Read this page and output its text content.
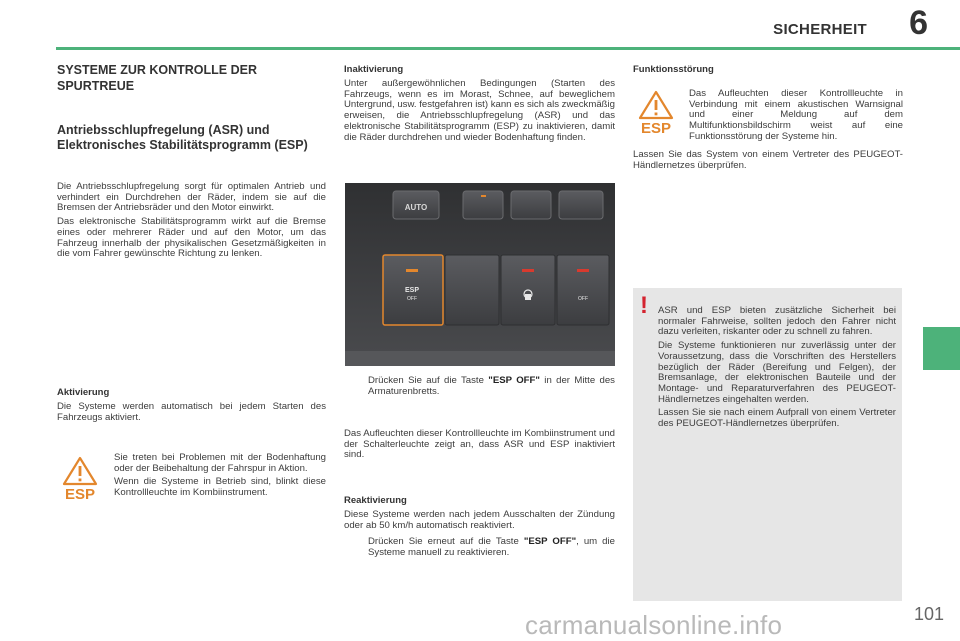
SICHERHEIT 6
SYSTEME ZUR KONTROLLE DER SPURTREUE
Antriebsschlupfregelung (ASR) und Elektronisches Stabilitätsprogramm (ESP)

Die Antriebsschlupfregelung sorgt für optimalen Antrieb und verhindert ein Durchdrehen der Räder, indem sie auf die Bremsen der Antriebsräder und den Motor einwirkt.

Das elektronische Stabilitätsprogramm wirkt auf die Bremse eines oder mehrerer Räder und auf den Motor, um das Fahrzeug innerhalb der physikalischen Gesetzmäßigkeiten in die vom Fahrer gewünschte Richtung zu lenken.

Aktivierung
Die Systeme werden automatisch bei jedem Starten des Fahrzeugs aktiviert.
ESP

Sie treten bei Problemen mit der Bodenhaftung oder der Beibehaltung der Fahrspur in Aktion.

Wenn die Systeme in Betrieb sind, blinkt diese Kontrollleuchte im Kombiinstrument.

Inaktivierung
Unter außergewöhnlichen Bedingungen (Starten des Fahrzeugs, wenn es im Morast, Schnee, auf beweglichem Untergrund, usw. festgefahren ist) kann es sich als zweckmäßig erweisen, die Antriebsschlupfregelung (ASR) und das elektronische Stabilitätsprogramm (ESP) zu inaktivieren, damit die Räder durchdrehen und wieder Bodenhaftung finden.
AUTO
ESP
OFF	OFF
Drücken Sie auf die Taste "ESP OFF" in der Mitte des Armaturenbretts.
Das Aufleuchten dieser Kontrollleuchte im Kombiinstrument und der Schalterleuchte zeigt an, dass ASR und ESP inaktiviert sind.
Reaktivierung
Diese Systeme werden nach jedem Ausschalten der Zündung oder ab 50 km/h automatisch reaktiviert.
Drücken Sie erneut auf die Taste "ESP OFF", um die Systeme manuell zu reaktivieren.
Funktionsstörung
ESP
Das Aufleuchten dieser Kontrollleuchte in Verbindung mit einem akustischen Warnsignal und einer Meldung auf dem Multifunktionsbildschirm weist auf eine Funktionsstörung der Systeme hin.
Lassen Sie das System von einem Vertreter des PEUGEOT-Händlernetzes überprüfen.
! ASR und ESP bieten zusätzliche Sicherheit bei normaler Fahrweise, sollten jedoch den Fahrer nicht dazu verleiten, riskanter oder zu schnell zu fahren.

Die Systeme funktionieren nur zuverlässig unter der Voraussetzung, dass die Vorschriften des Herstellers bezüglich der Räder (Bereifung und Felgen), der Bremsanlage, der elektronischen Bauteile und der Montage- und Reparaturverfahren des PEUGEOT-Händlernetzes eingehalten werden.

Lassen Sie sie nach einem Aufprall von einem Vertreter des PEUGEOT-Händlernetzes überprüfen.

101
carmanualsonline.info
